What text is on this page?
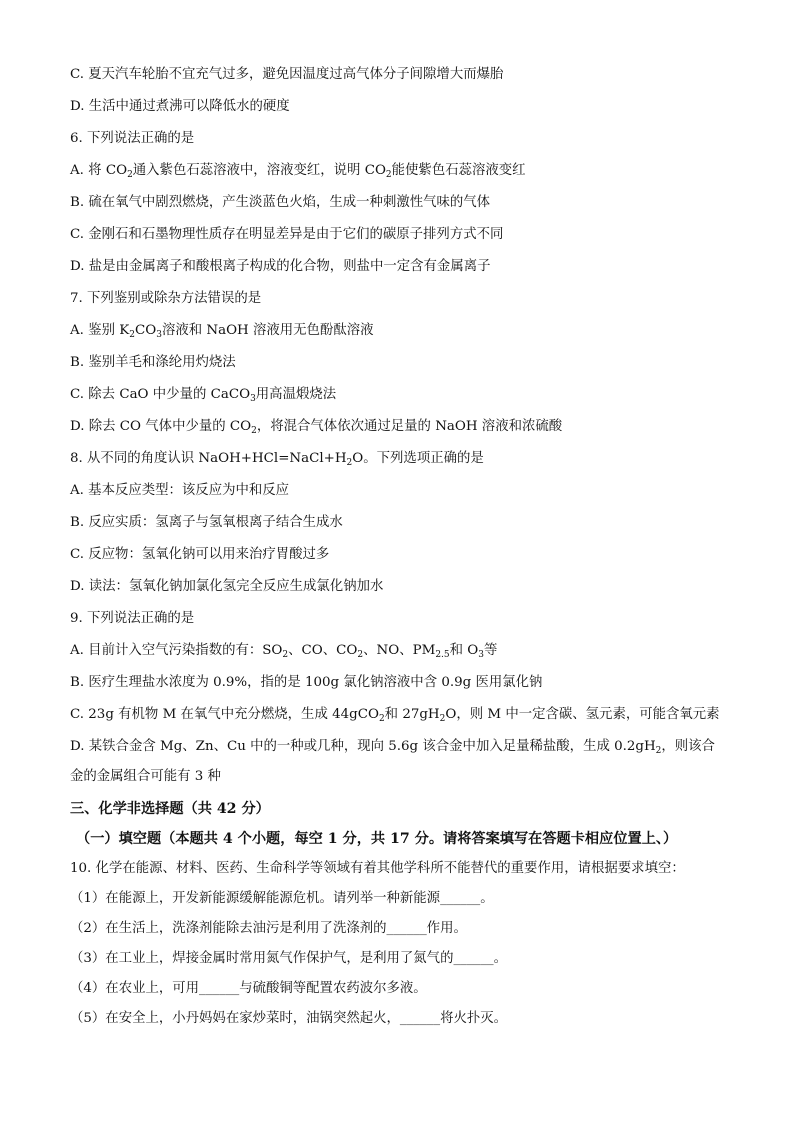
C. 夏天汽车轮胎不宜充气过多，避免因温度过高气体分子间隙增大而爆胎
D. 生活中通过煮沸可以降低水的硬度
6. 下列说法正确的是
A. 将 $CO_2$通入紫色石蕊溶液中，溶液变红，说明 $CO_2$能使紫色石蕊溶液变红
B. 硫在氧气中剧烈燃烧，产生淡蓝色火焰，生成一种刺激性气味的气体
C. 金刚石和石墨物理性质存在明显差异是由于它们的碳原子排列方式不同
D. 盐是由金属离子和酸根离子构成的化合物，则盐中一定含有金属离子
7. 下列鉴别或除杂方法错误的是
A. 鉴别 $K_2CO_3$溶液和 NaOH 溶液用无色酚酞溶液
B. 鉴别羊毛和涤纶用灼烧法
C. 除去 CaO 中少量的 CaCO$_3$用高温煅烧法
D. 除去 CO 气体中少量的 $CO_2$，将混合气体依次通过足量的 NaOH 溶液和浓硫酸
8. 从不同的角度认识 $NaOH+HCl=NaCl+H_2O$。下列选项正确的是
A. 基本反应类型：该反应为中和反应
B. 反应实质：氢离子与氢氧根离子结合生成水
C. 反应物：氢氧化钠可以用来治疗胃酸过多
D. 读法：氢氧化钠加氯化氢完全反应生成氯化钠加水
9. 下列说法正确的是
A. 目前计入空气污染指数的有：$SO_2$、CO、$CO_2$、NO、$PM_{2.5}$和 $O_3$等
B. 医疗生理盐水浓度为 0.9%，指的是 100g 氯化钠溶液中含 0.9g 医用氯化钠
C. 23g 有机物 M 在氧气中充分燃烧，生成 44gCO$_2$和 $27gH_2O$，则 M 中一定含碳、氢元素，可能含氧元素
D. 某铁合金含 Mg、Zn、Cu 中的一种或几种，现向 5.6g 该合金中加入足量稀盐酸，生成 $0.2gH_2$，则该合
金的金属组合可能有 3 种
三、化学非选择题（共 42 分）
（一）填空题（本题共 4 个小题，每空 1 分，共 17 分。请将答案填写在答题卡相应位置上、）
10. 化学在能源、材料、医药、生命科学等领域有着其他学科所不能替代的重要作用，请根据要求填空：
（1）在能源上，开发新能源缓解能源危机。请列举一种新能源______。
（2）在生活上，洗涤剂能除去油污是利用了洗涤剂的______作用。
（3）在工业上，焊接金属时常用氮气作保护气，是利用了氮气的______。
（4）在农业上，可用______与硫酸铜等配置农药波尔多液。
（5）在安全上，小丹妈妈在家炒菜时，油锅突然起火，______将火扑灭。
